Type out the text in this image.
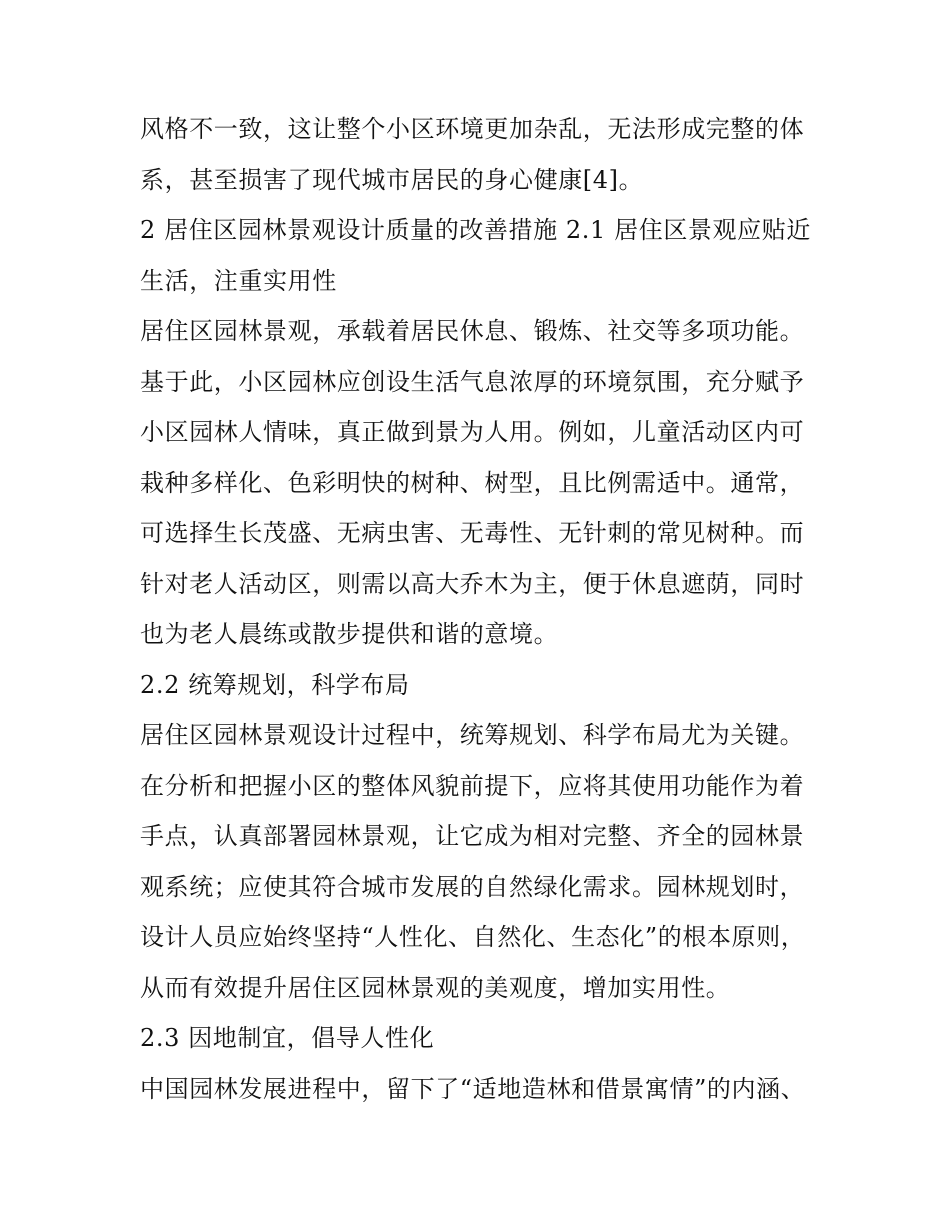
风格不一致，这让整个小区环境更加杂乱，无法形成完整的体系，甚至损害了现代城市居民的身心健康[4]。

2 居住区园林景观设计质量的改善措施 2.1 居住区景观应贴近生活，注重实用性

居住区园林景观，承载着居民休息、锻炼、社交等多项功能。基于此，小区园林应创设生活气息浓厚的环境氛围，充分赋予小区园林人情味，真正做到景为人用。例如，儿童活动区内可栽种多样化、色彩明快的树种、树型，且比例需适中。通常，可选择生长茂盛、无病虫害、无毒性、无针刺的常见树种。而针对老人活动区，则需以高大乔木为主，便于休息遮荫，同时也为老人晨练或散步提供和谐的意境。

2.2 统筹规划，科学布局

居住区园林景观设计过程中，统筹规划、科学布局尤为关键。在分析和把握小区的整体风貌前提下，应将其使用功能作为着手点，认真部署园林景观，让它成为相对完整、齐全的园林景观系统；应使其符合城市发展的自然绿化需求。园林规划时，设计人员应始终坚持“人性化、自然化、生态化”的根本原则，从而有效提升居住区园林景观的美观度，增加实用性。

2.3 因地制宜，倡导人性化

中国园林发展进程中，留下了“适地造林和借景寓情”的内涵、
